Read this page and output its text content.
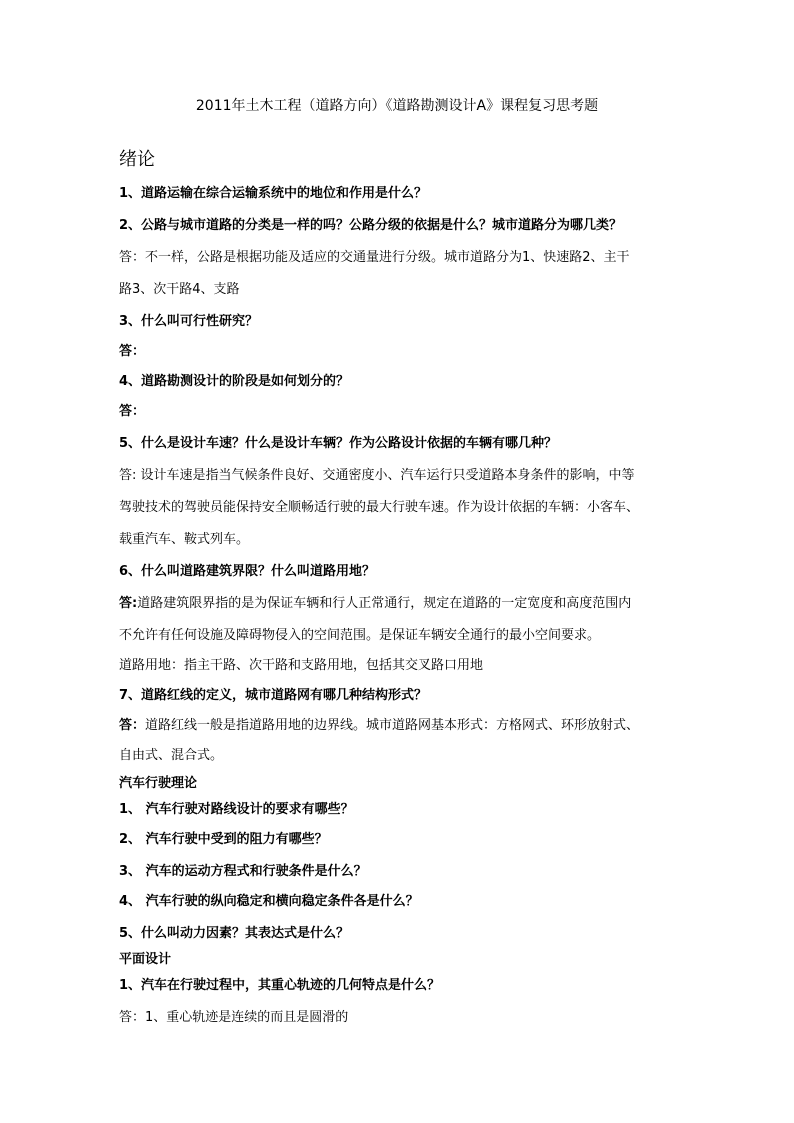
2011年土木工程（道路方向）《道路勘测设计A》课程复习思考题
绪论
1、道路运输在综合运输系统中的地位和作用是什么？
2、公路与城市道路的分类是一样的吗？公路分级的依据是什么？城市道路分为哪几类？
答：不一样，公路是根据功能及适应的交通量进行分级。城市道路分为1、快速路2、主干
路3、次干路4、支路
3、什么叫可行性研究？
答：
4、道路勘测设计的阶段是如何划分的？
答：
5、什么是设计车速？什么是设计车辆？作为公路设计依据的车辆有哪几种？
答: 设计车速是指当气候条件良好、交通密度小、汽车运行只受道路本身条件的影响，中等
驾驶技术的驾驶员能保持安全顺畅适行驶的最大行驶车速。作为设计依据的车辆：小客车、
载重汽车、鞍式列车。
6、什么叫道路建筑界限？什么叫道路用地？
答:道路建筑限界指的是为保证车辆和行人正常通行，规定在道路的一定宽度和高度范围内
不允许有任何设施及障碍物侵入的空间范围。是保证车辆安全通行的最小空间要求。
道路用地：指主干路、次干路和支路用地，包括其交叉路口用地
7、道路红线的定义，城市道路网有哪几种结构形式？
答：道路红线一般是指道路用地的边界线。城市道路网基本形式：方格网式、环形放射式、
自由式、混合式。
汽车行驶理论
1、 汽车行驶对路线设计的要求有哪些？
2、 汽车行驶中受到的阻力有哪些？
3、 汽车的运动方程式和行驶条件是什么？
4、 汽车行驶的纵向稳定和横向稳定条件各是什么？
5、什么叫动力因素？其表达式是什么？
平面设计
1、汽车在行驶过程中，其重心轨迹的几何特点是什么？
答：1、重心轨迹是连续的而且是圆滑的
